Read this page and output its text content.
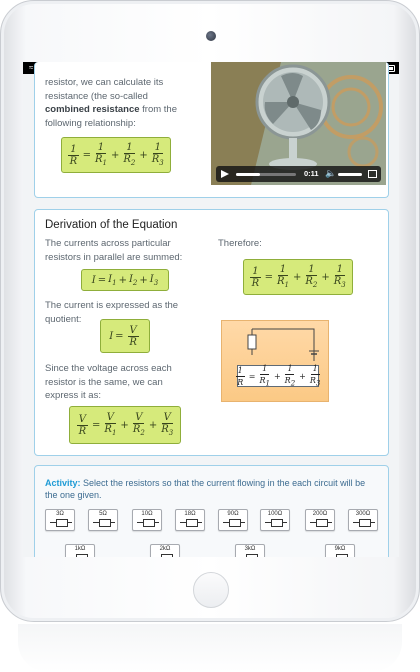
≈

resistor, we can calculate its resistance (the so-called combined resistance from the following relationship:

$\frac{1}{R} = \frac{1}{R_1} + \frac{1}{R_2} + \frac{1}{R_3}$
0:11 🔈
Derivation of the Equation

The currents across particular resistors in parallel are summed:

$I = I_1 + I_2 + I_3$

The current is expressed as the quotient:

$I = \frac{V}{R}$

Since the voltage across each resistor is the same, we can express it as:

$\frac{V}{R} = \frac{V}{R_1} + \frac{V}{R_2} + \frac{V}{R_3}$

Therefore:

$\frac{1}{R} = \frac{1}{R_1} + \frac{1}{R_2} + \frac{1}{R_3}$
$\frac{1}{R} = \frac{1}{R_1} + \frac{1}{R_2} + \frac{1}{R_3}$

Activity: Select the resistors so that the current flowing in the each circuit will be the one given.

3Ω	5Ω	10Ω	18Ω	90Ω	100Ω	200Ω	300Ω
1kΩ	2kΩ	3kΩ	9kΩ
